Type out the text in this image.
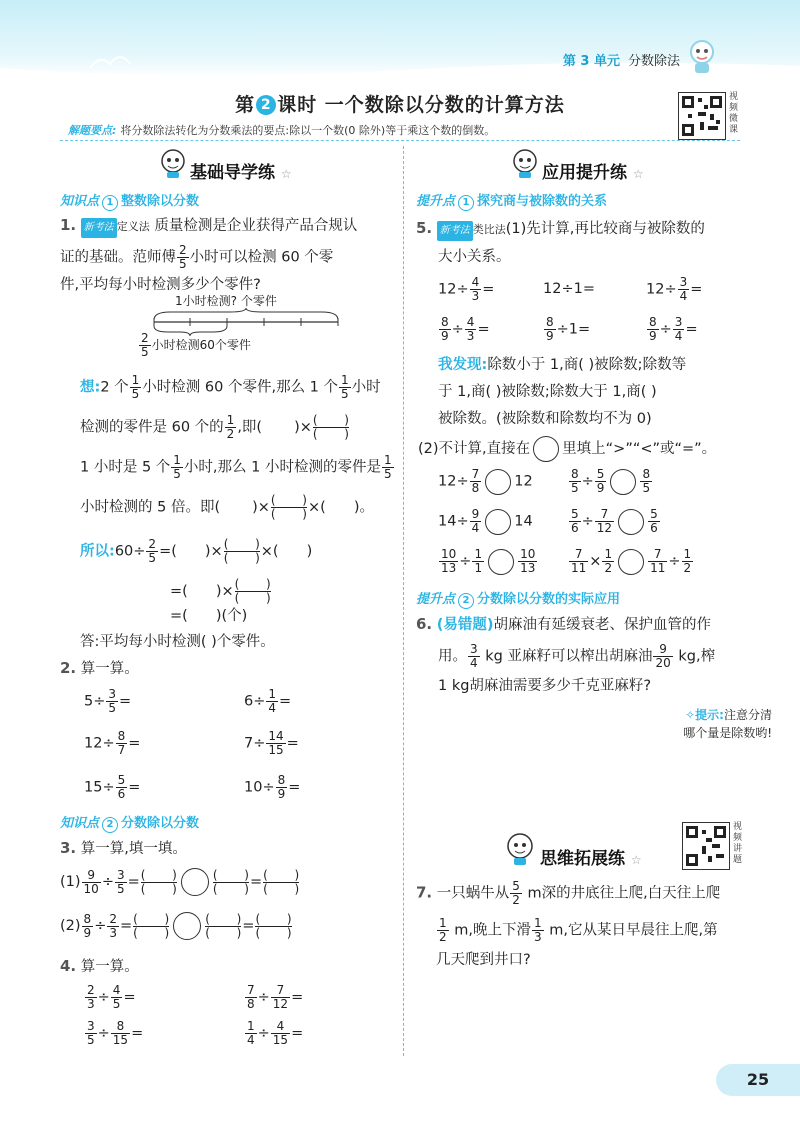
第 3 单元 分数除法
第 2 课时 一个数除以分数的计算方法	视
频
微
课
解题要点: 将分数除法转化为分数乘法的要点:除以一个数(0 除外)等于乘这个数的倒数。
基础导学练 ☆
知识点 1 整数除以分数
1. 新考法 定义法 质量检测是企业获得产品合规认
证的基础。范师傅 $\frac{2}{5}$ 小时可以检测 60 个零
件,平均每小时检测多少个零件?
1小时检测? 个零件
$\frac{2}{5}$ 小时检测60个零件
想:2 个 $\frac{1}{5}$ 小时检测 60 个零件,那么 1 个 $\frac{1}{5}$ 小时
检测的零件是 60 个的 $\frac{1}{2}$ ,即( )× (       )
(       )
1 小时是 5 个 $\frac{1}{5}$ 小时,那么 1 小时检测的零件是 $\frac{1}{5}$
小时检测的 5 倍。即( )× (       )
(       ) ×( )。
所以:60÷ $\frac{2}{5}$ =( )× (       )
(       ) ×( )
=( )× (       )
(       )
=( )(个)
答:平均每小时检测( )个零件。
2. 算一算。
$5\div \frac{3}{5}$ =	$6\div \frac{1}{4}$ =
$12\div \frac{8}{7}$ =	$7\div \frac{14}{15}$ =
$15\div \frac{5}{6}$ =	$10\div \frac{8}{9}$ =
知识点 2 分数除以分数
3. 算一算,填一填。
$(1) \frac{9}{10} \div \frac{3}{5}$ = (       )
(       )
(       )
(       ) = (       )
(       )
$(2) \frac{8}{9} \div \frac{2}{3}$ = (       )
(       )
(       )
(       ) = (       )
(       )
4. 算一算。
$\frac{2}{3} \div \frac{4}{5}$ =	$\frac{7}{8} \div \frac{7}{12}$ =
$\frac{3}{5} \div \frac{8}{15}$ =	$\frac{1}{4} \div \frac{4}{15}$ =
应用提升练 ☆
提升点 1 探究商与被除数的关系
5. 新考法 类比法(1)先计算,再比较商与被除数的
大小关系。
$12\div \frac{4}{3}$ =	12÷1=	$12\div \frac{3}{4}$ =
$\frac{8}{9} \div \frac{4}{3}$ =	$\frac{8}{9} \div 1=$	$\frac{8}{9} \div \frac{3}{4}$ =
我发现:除数小于 1,商( )被除数;除数等
于 1,商( )被除数;除数大于 1,商( )
被除数。(被除数和除数均不为 0)
(2)不计算,直接在 里填上“>”“<”或“=”。
$12\div \frac{7}{8} 12$	$\frac{8}{5} \div \frac{5}{9}$	$\frac{8}{5}$
$14\div \frac{9}{4} 14$	$\frac{5}{6} \div \frac{7}{12}$	$\frac{5}{6}$
$\frac{10}{13} \div \frac{1}{1}$	$\frac{10}{13}$	$\frac{7}{11} \times \frac{1}{2}$	$\frac{7}{11} \div \frac{1}{2}$
提升点 2 分数除以分数的实际应用
6. (易错题)胡麻油有延缓衰老、保护血管的作
用。 $\frac{3}{4}$ kg 亚麻籽可以榨出胡麻油 $\frac{9}{20}$ kg,榨
1 kg胡麻油需要多少千克亚麻籽?
✧提示:注意分清
哪个量是除数哟!
思维拓展练 ☆
视
频
讲
题
7. 一只蜗牛从 $\frac{5}{2}$ m深的井底往上爬,白天往上爬
$\frac{1}{2} m$,晚上下滑 $\frac{1}{3} m$,它从某日早晨往上爬,第
几天爬到井口?
25
